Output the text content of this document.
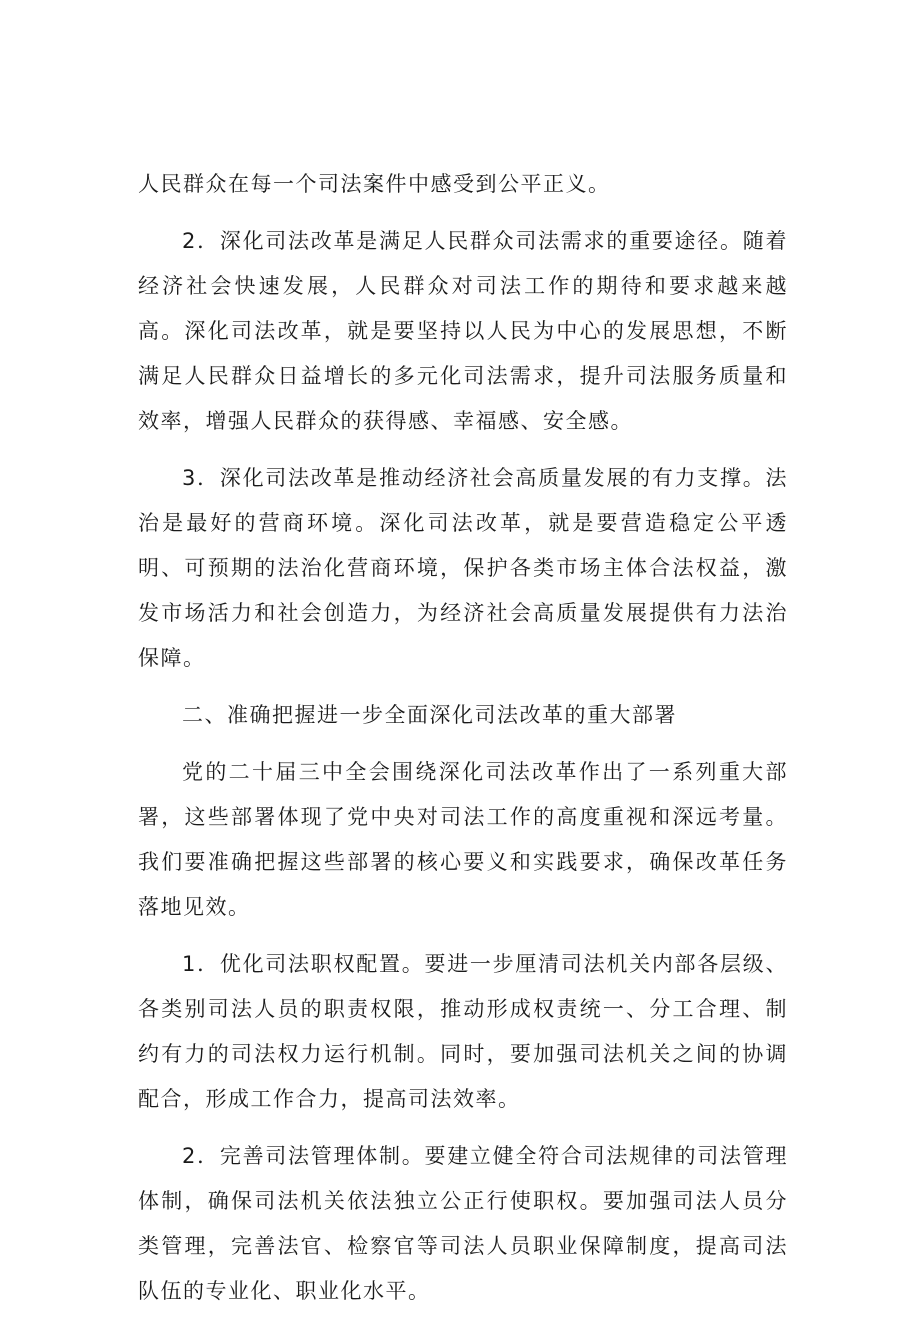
人民群众在每一个司法案件中感受到公平正义。

2．深化司法改革是满足人民群众司法需求的重要途径。随着经济社会快速发展，人民群众对司法工作的期待和要求越来越高。深化司法改革，就是要坚持以人民为中心的发展思想，不断满足人民群众日益增长的多元化司法需求，提升司法服务质量和效率，增强人民群众的获得感、幸福感、安全感。

3．深化司法改革是推动经济社会高质量发展的有力支撑。法治是最好的营商环境。深化司法改革，就是要营造稳定公平透明、可预期的法治化营商环境，保护各类市场主体合法权益，激发市场活力和社会创造力，为经济社会高质量发展提供有力法治保障。

二、准确把握进一步全面深化司法改革的重大部署

党的二十届三中全会围绕深化司法改革作出了一系列重大部署，这些部署体现了党中央对司法工作的高度重视和深远考量。我们要准确把握这些部署的核心要义和实践要求，确保改革任务落地见效。

1．优化司法职权配置。要进一步厘清司法机关内部各层级、各类别司法人员的职责权限，推动形成权责统一、分工合理、制约有力的司法权力运行机制。同时，要加强司法机关之间的协调配合，形成工作合力，提高司法效率。

2．完善司法管理体制。要建立健全符合司法规律的司法管理体制，确保司法机关依法独立公正行使职权。要加强司法人员分类管理，完善法官、检察官等司法人员职业保障制度，提高司法队伍的专业化、职业化水平。
